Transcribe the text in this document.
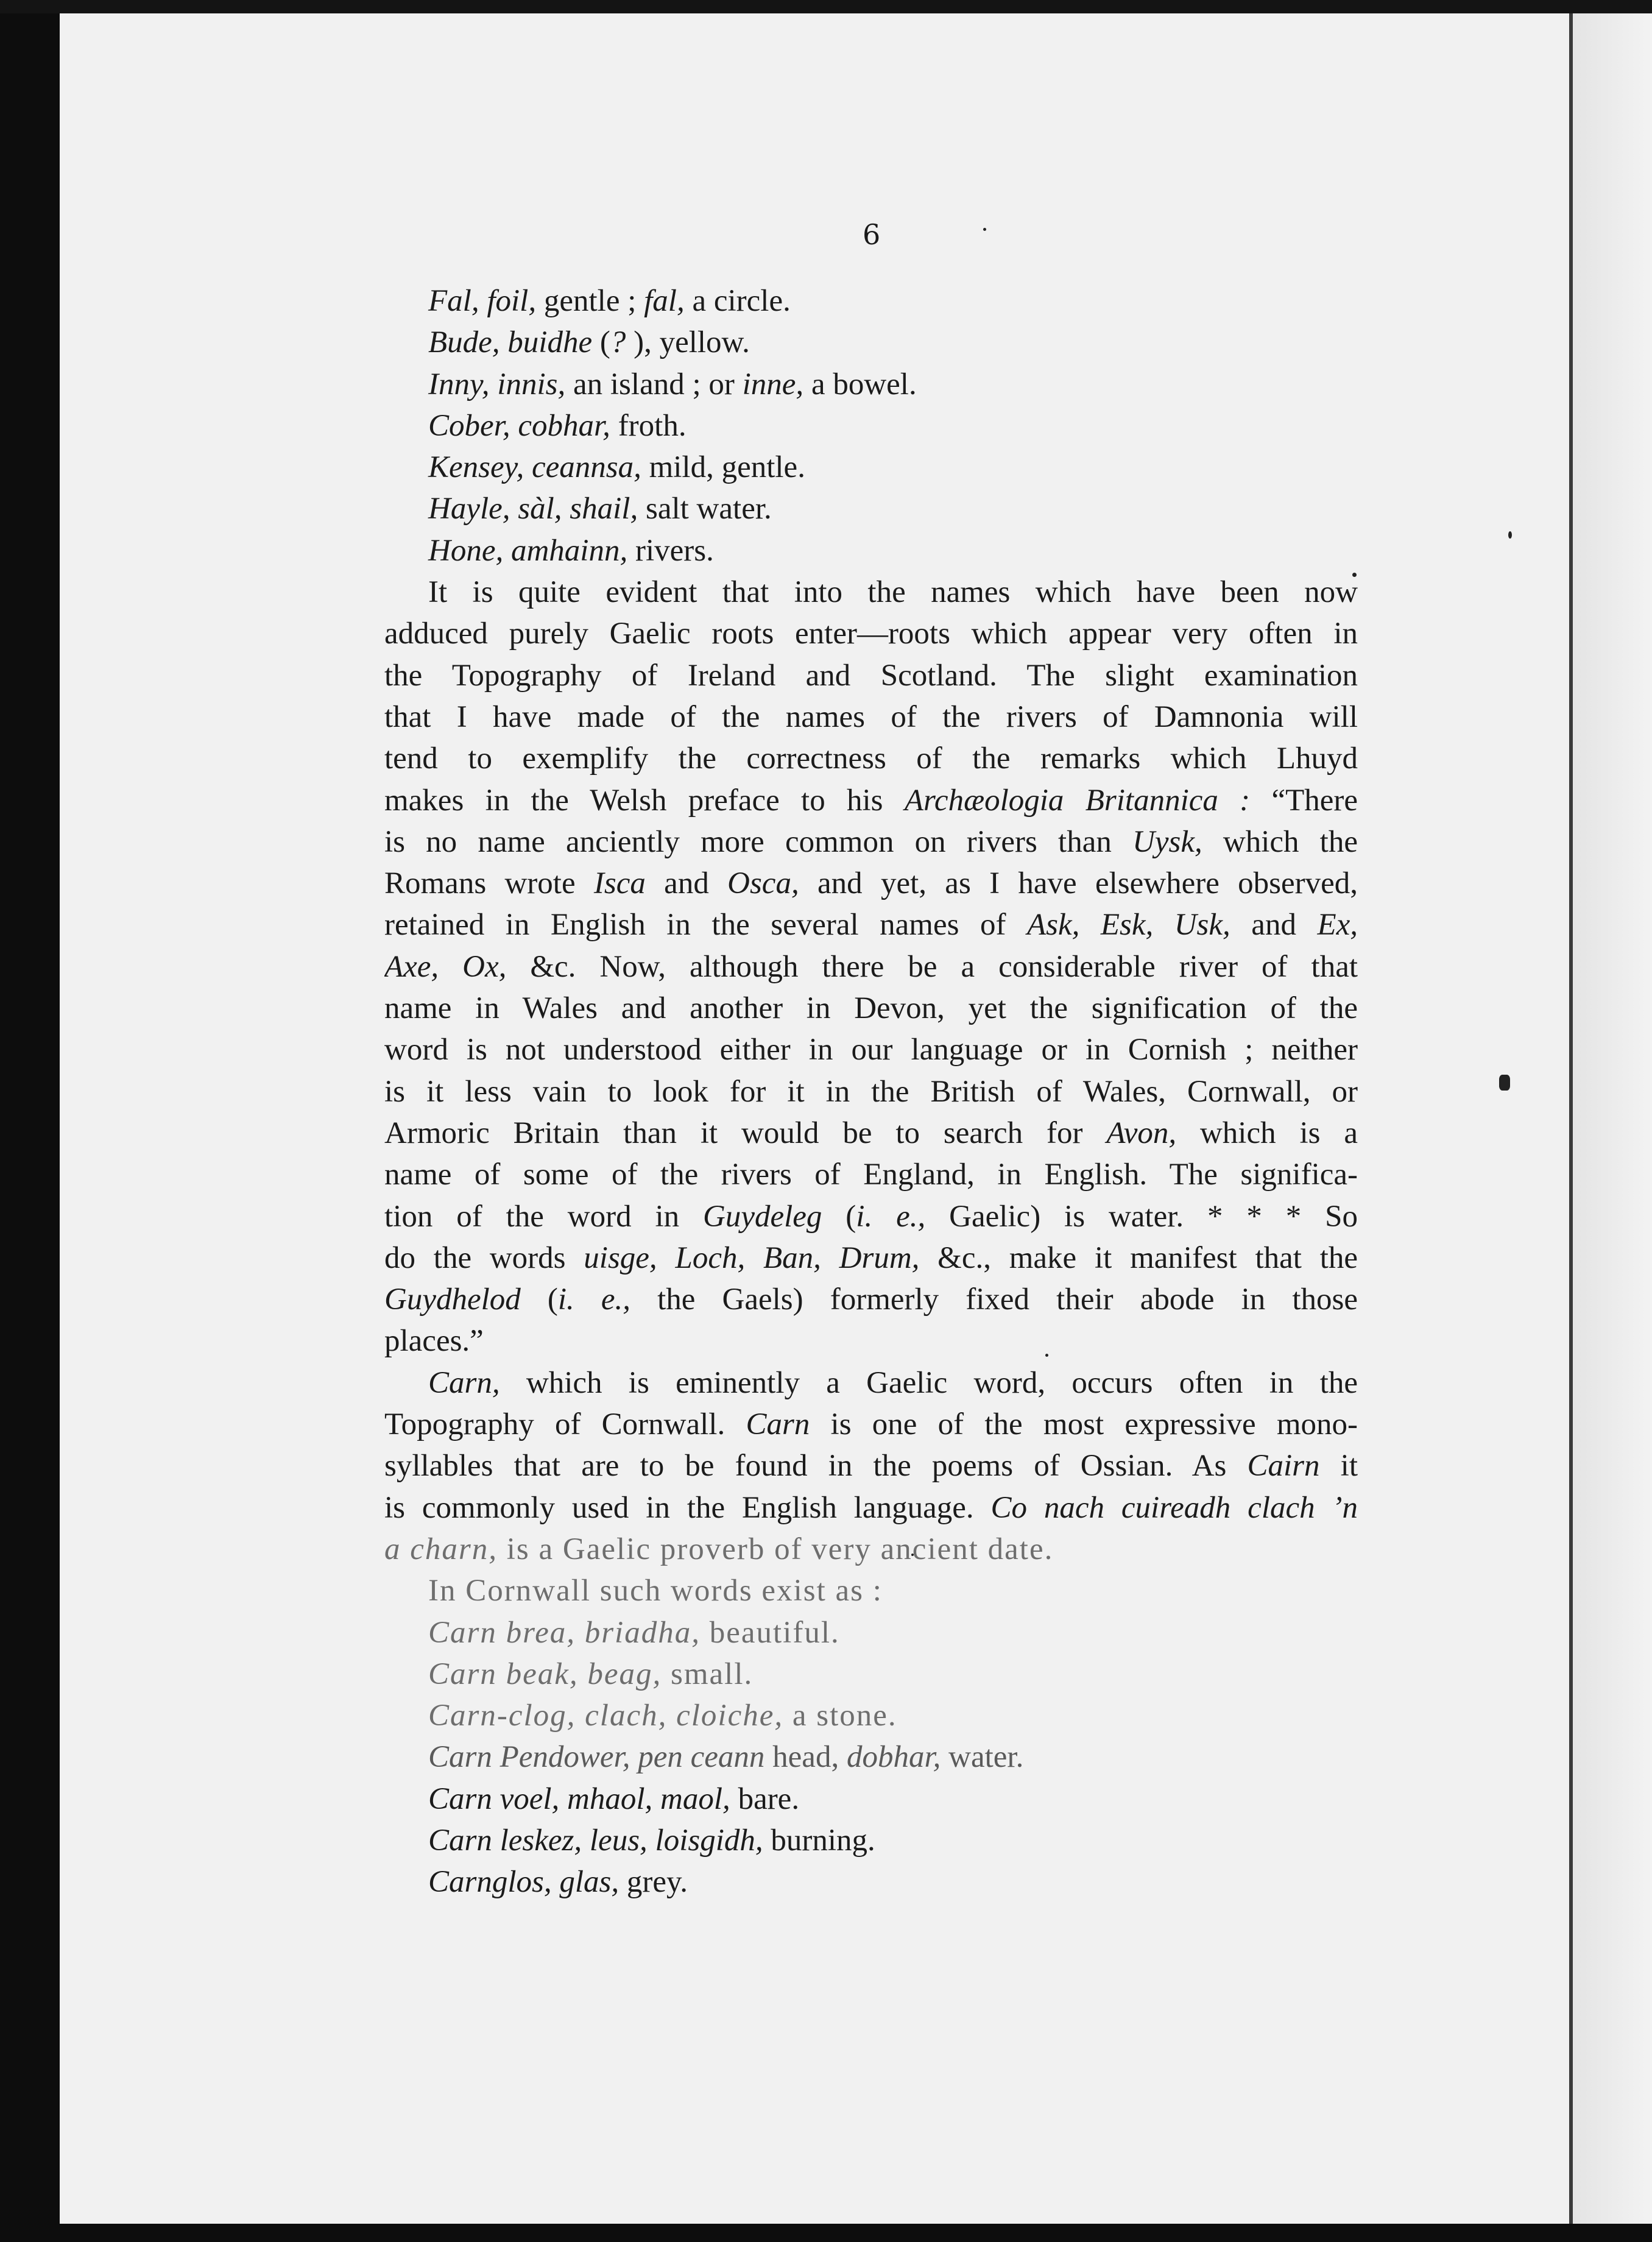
6
Fal, foil, gentle ; fal, a circle.
Bude, buidhe (? ), yellow.
Inny, innis, an island ; or inne, a bowel.
Cober, cobhar, froth.
Kensey, ceannsa, mild, gentle.
Hayle, sàl, shail, salt water.
Hone, amhainn, rivers.
It is quite evident that into the names which have been now
adduced purely Gaelic roots enter—roots which appear very often in
the Topography of Ireland and Scotland. The slight examination
that I have made of the names of the rivers of Damnonia will
tend to exemplify the correctness of the remarks which Lhuyd
makes in the Welsh preface to his Archæologia Britannica : “There
is no name anciently more common on rivers than Uysk, which the
Romans wrote Isca and Osca, and yet, as I have elsewhere observed,
retained in English in the several names of Ask, Esk, Usk, and Ex,
Axe, Ox, &c. Now, although there be a considerable river of that
name in Wales and another in Devon, yet the signification of the
word is not understood either in our language or in Cornish ; neither
is it less vain to look for it in the British of Wales, Cornwall, or
Armoric Britain than it would be to search for Avon, which is a
name of some of the rivers of England, in English. The significa-
tion of the word in Guydeleg (i. e., Gaelic) is water. * * * So
do the words uisge, Loch, Ban, Drum, &c., make it manifest that the
Guydhelod (i. e., the Gaels) formerly fixed their abode in those
places.”
Carn, which is eminently a Gaelic word, occurs often in the
Topography of Cornwall. Carn is one of the most expressive mono-
syllables that are to be found in the poems of Ossian. As Cairn it
is commonly used in the English language. Co nach cuireadh clach ’n
a charn, is a Gaelic proverb of very ancient date.
In Cornwall such words exist as :
Carn brea, briadha, beautiful.
Carn beak, beag, small.
Carn-clog, clach, cloiche, a stone.
Carn Pendower, pen ceann head, dobhar, water.
Carn voel, mhaol, maol, bare.
Carn leskez, leus, loisgidh, burning.
Carnglos, glas, grey.
